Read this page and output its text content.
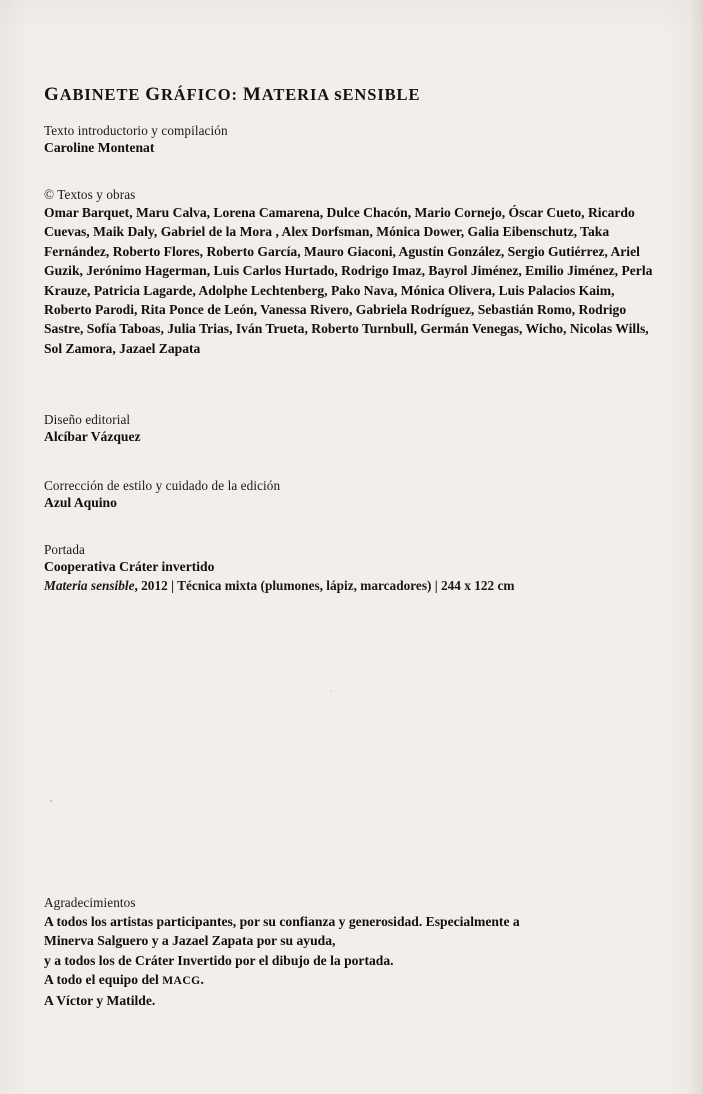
GABINETE GRÁFICO: MATERIA sENSIBLE
Texto introductorio y compilación
Caroline Montenat
© Textos y obras
Omar Barquet, Maru Calva, Lorena Camarena, Dulce Chacón, Mario Cornejo, Óscar Cueto, Ricardo Cuevas, Maik Daly, Gabriel de la Mora , Alex Dorfsman, Mónica Dower, Galia Eibenschutz, Taka Fernández, Roberto Flores, Roberto García, Mauro Giaconi, Agustín González, Sergio Gutiérrez, Ariel Guzik, Jerónimo Hagerman, Luis Carlos Hurtado, Rodrigo Imaz, Bayrol Jiménez, Emilio Jiménez, Perla Krauze, Patricia Lagarde, Adolphe Lechtenberg, Pako Nava, Mónica Olivera, Luis Palacios Kaim, Roberto Parodi, Rita Ponce de León, Vanessa Rivero, Gabriela Rodríguez, Sebastián Romo, Rodrigo Sastre, Sofía Taboas, Julia Trias, Iván Trueta, Roberto Turnbull, Germán Venegas, Wicho, Nicolas Wills, Sol Zamora, Jazael Zapata
Diseño editorial
Alcíbar Vázquez
Corrección de estilo y cuidado de la edición
Azul Aquino
Portada
Cooperativa Cráter invertido
Materia sensible, 2012 | Técnica mixta (plumones, lápiz, marcadores) | 244 x 122 cm
Agradecimientos
A todos los artistas participantes, por su confianza y generosidad. Especialmente a
Minerva Salguero y a Jazael Zapata por su ayuda,
y a todos los de Cráter Invertido por el dibujo de la portada.
A todo el equipo del MACG.
A Víctor y Matilde.
